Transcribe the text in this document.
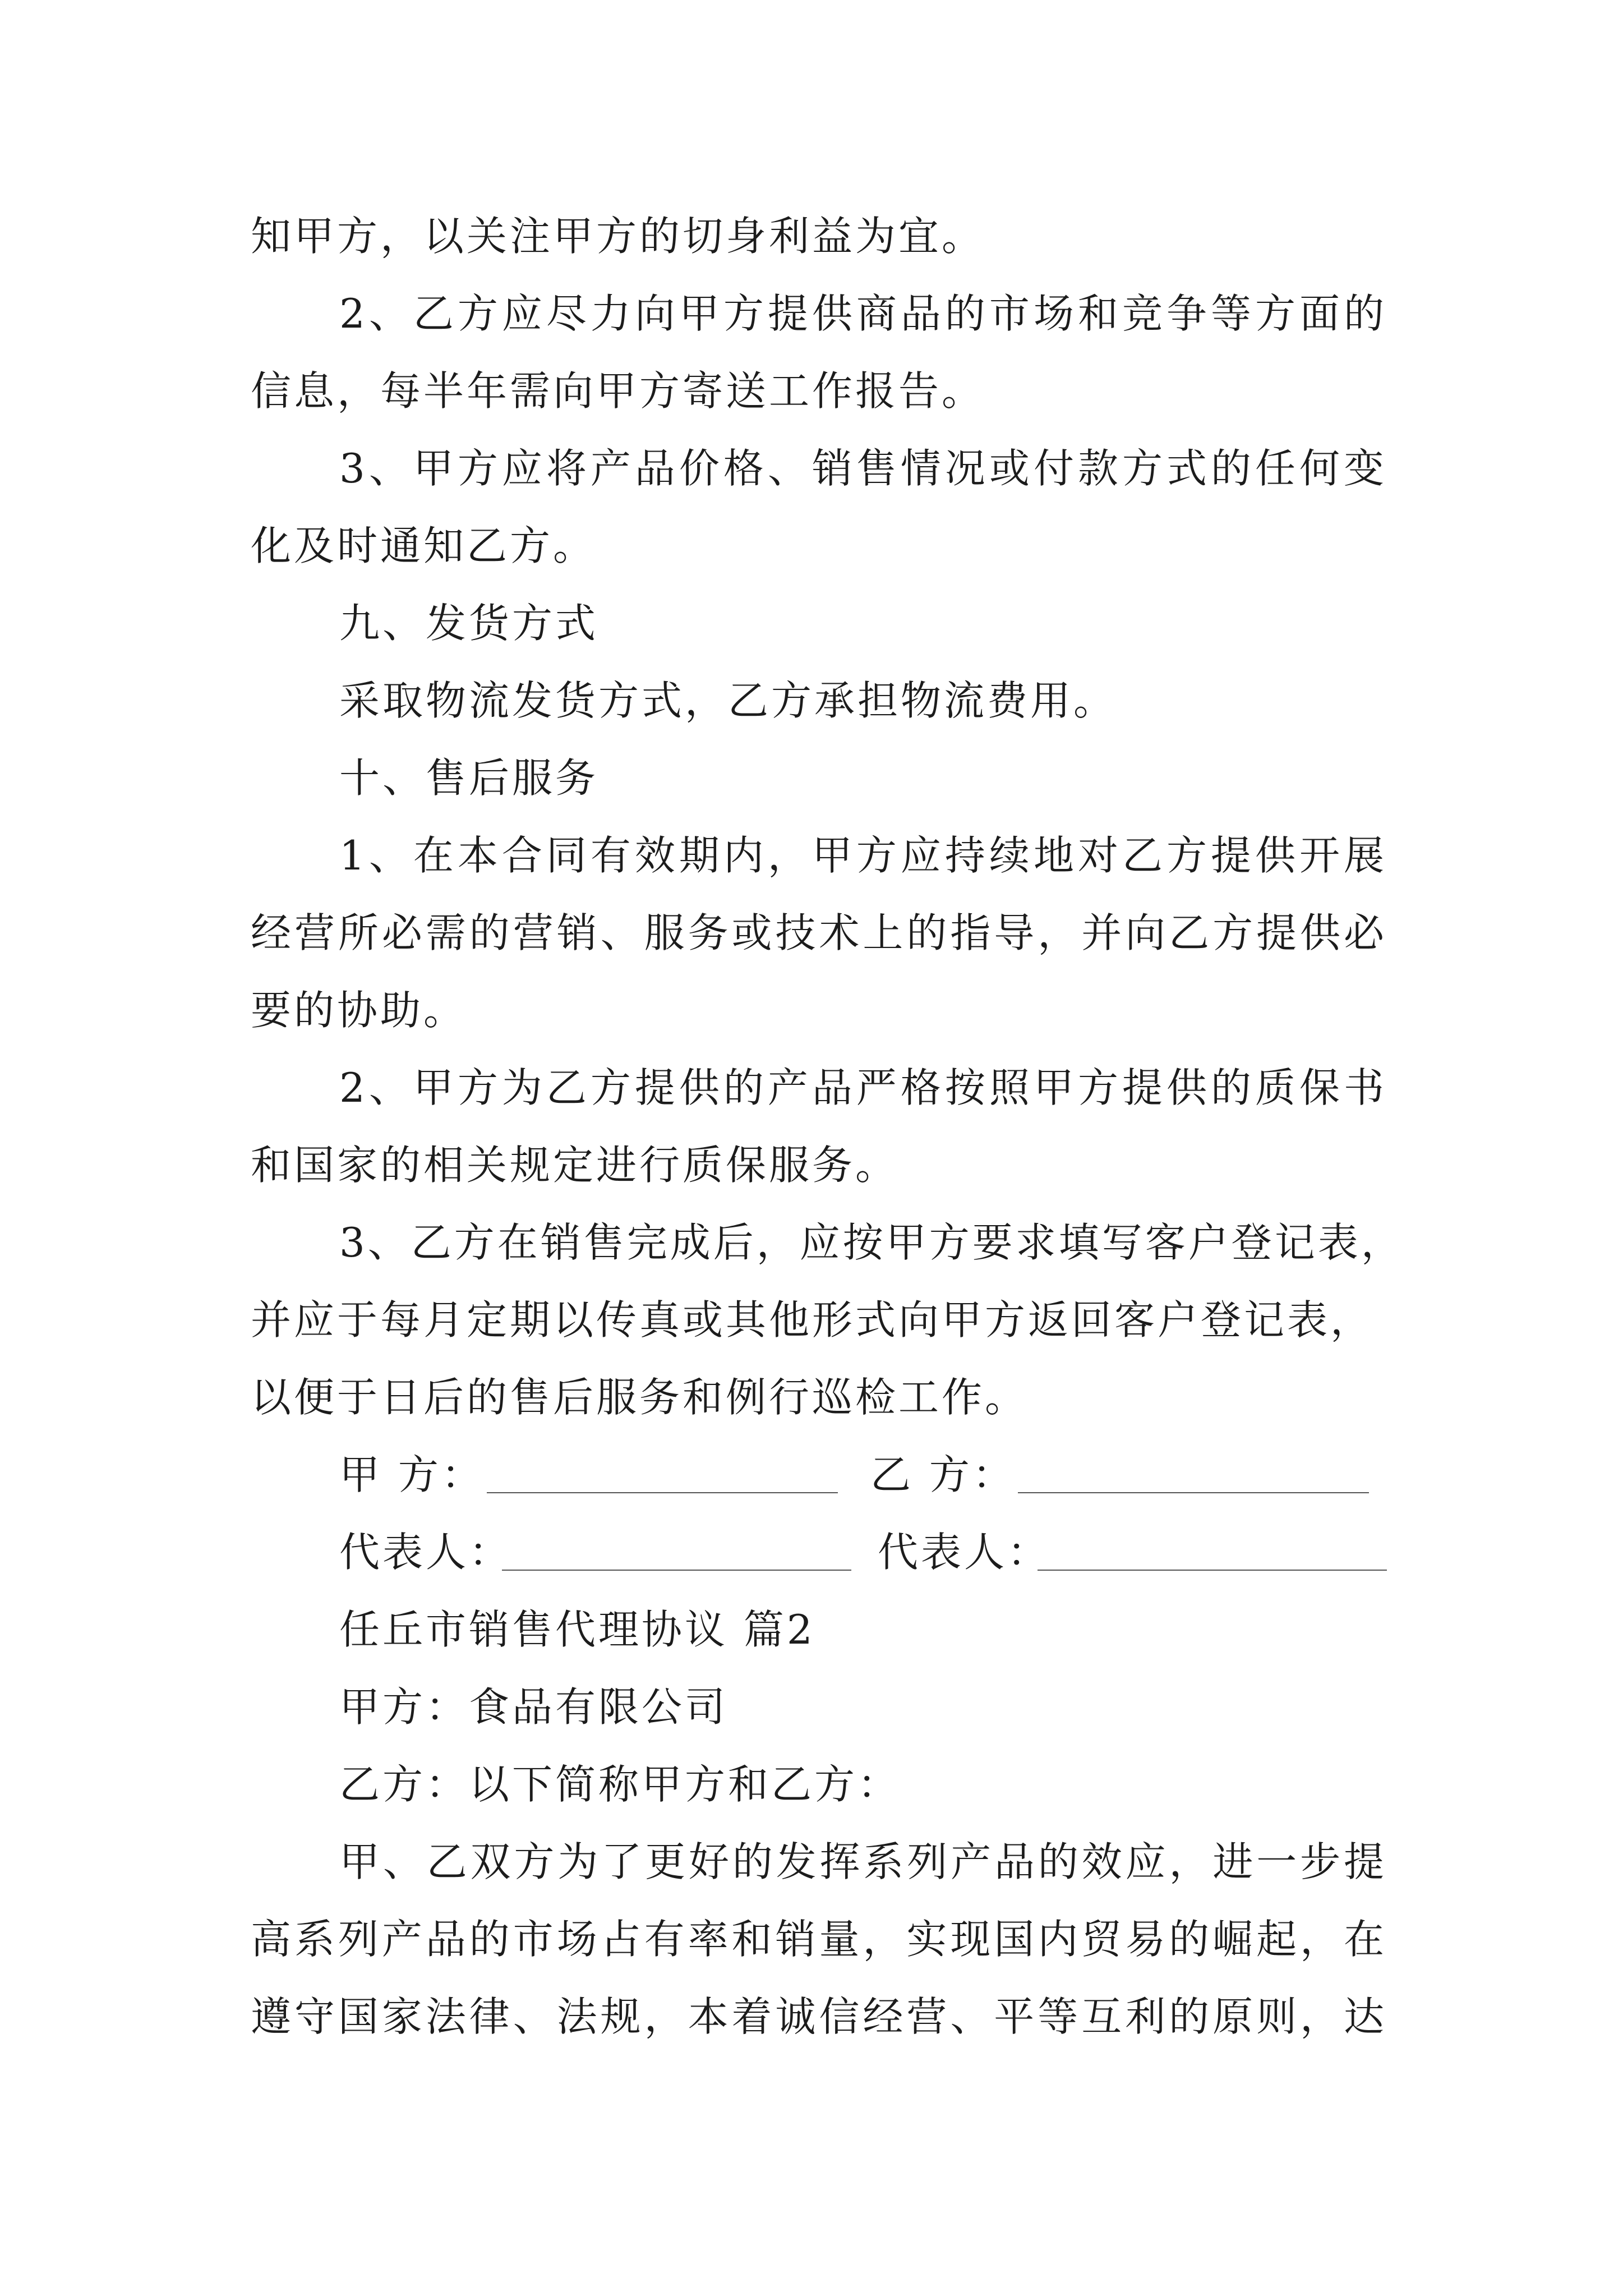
知甲方，以关注甲方的切身利益为宜。
2、乙方应尽力向甲方提供商品的市场和竞争等方面的
信息，每半年需向甲方寄送工作报告。
3、甲方应将产品价格、销售情况或付款方式的任何变
化及时通知乙方。
九、发货方式
采取物流发货方式，乙方承担物流费用。
十、售后服务
1、在本合同有效期内，甲方应持续地对乙方提供开展
经营所必需的营销、服务或技术上的指导，并向乙方提供必
要的协助。
2、甲方为乙方提供的产品严格按照甲方提供的质保书
和国家的相关规定进行质保服务。
3、乙方在销售完成后，应按甲方要求填写客户登记表，
并应于每月定期以传真或其他形式向甲方返回客户登记表，
以便于日后的售后服务和例行巡检工作。
甲 方：	乙 方：
代表人：	代表人：
任丘市销售代理协议 篇2
甲方：食品有限公司
乙方：以下简称甲方和乙方：
甲、乙双方为了更好的发挥系列产品的效应，进一步提
高系列产品的市场占有率和销量，实现国内贸易的崛起，在
遵守国家法律、法规，本着诚信经营、平等互利的原则，达
